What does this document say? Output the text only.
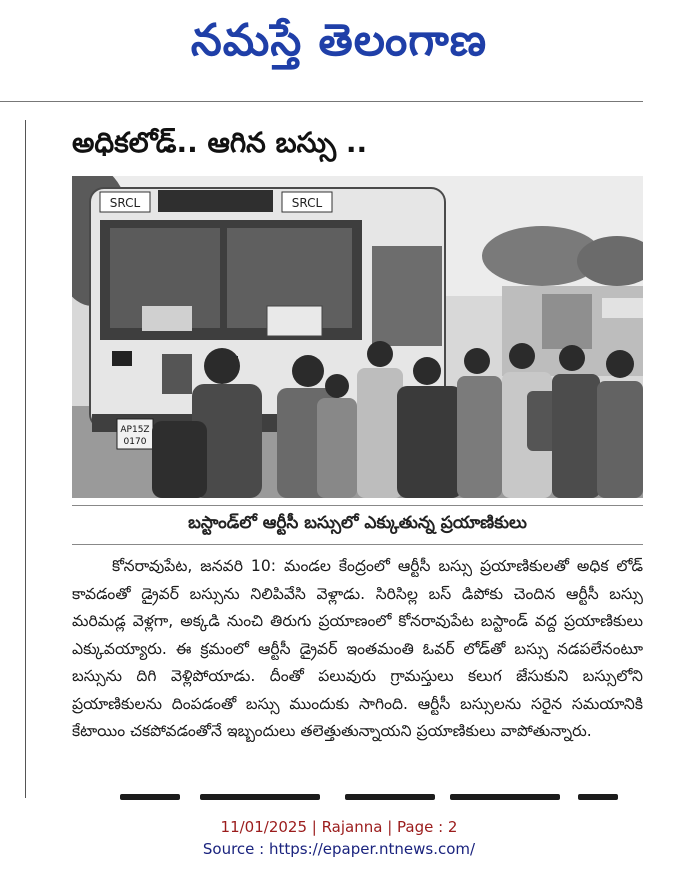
నమస్తే తెలంగాణ
అధికలోడ్.. ఆగిన బస్సు ..
SRCL	SRCL
AP15Z
0170
బస్టాండ్‌లో ఆర్టీసీ బస్సులో ఎక్కుతున్న ప్రయాణికులు
కోనరావుపేట, జనవరి 10: మండల కేంద్రంలో ఆర్టీసీ బస్సు ప్రయాణికులతో అధిక లోడ్ కావడంతో డ్రైవర్ బస్సును నిలిపివేసి వెళ్లాడు. సిరిసిల్ల బస్ డిపోకు చెందిన ఆర్టీసీ బస్సు మరిమడ్ల వెళ్లగా, అక్కడి నుంచి తిరుగు ప్రయాణంలో కోనరావుపేట బస్టాండ్ వద్ద ప్రయాణికులు ఎక్కువయ్యారు. ఈ క్రమంలో ఆర్టీసీ డ్రైవర్ ఇంతమంతి ఓవర్ లోడ్‌తో బస్సు నడపలేనంటూ బస్సును దిగి వెళ్లిపోయాడు. దీంతో పలువురు గ్రామస్తులు కలుగ జేసుకుని బస్సులోని ప్రయాణికులను దింపడంతో బస్సు ముందుకు సాగింది. ఆర్టీసీ బస్సులను సరైన సమయానికి కేటాయిం చకపోవడంతోనే ఇబ్బందులు తలెత్తుతున్నాయని ప్రయాణికులు వాపోతున్నారు.
11/01/2025 | Rajanna | Page : 2
Source : https://epaper.ntnews.com/
